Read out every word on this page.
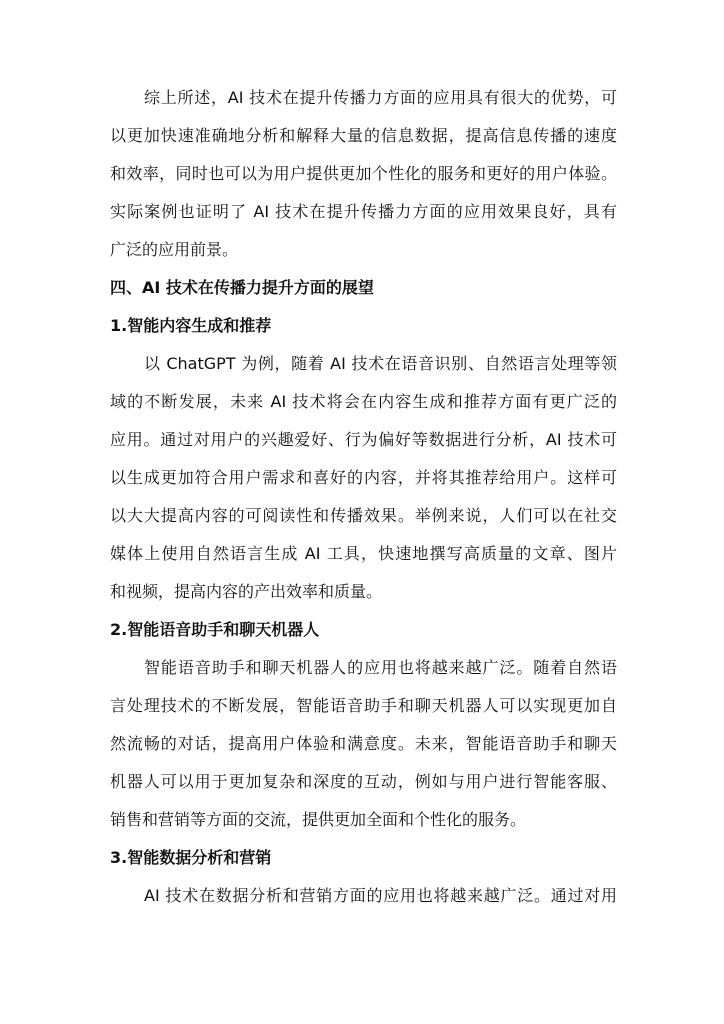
综上所述，AI 技术在提升传播力方面的应用具有很大的优势，可
以更加快速准确地分析和解释大量的信息数据，提高信息传播的速度
和效率，同时也可以为用户提供更加个性化的服务和更好的用户体验。
实际案例也证明了 AI 技术在提升传播力方面的应用效果良好，具有
广泛的应用前景。
四、AI 技术在传播力提升方面的展望
1.智能内容生成和推荐
以 ChatGPT 为例，随着 AI 技术在语音识别、自然语言处理等领
域的不断发展，未来 AI 技术将会在内容生成和推荐方面有更广泛的
应用。通过对用户的兴趣爱好、行为偏好等数据进行分析，AI 技术可
以生成更加符合用户需求和喜好的内容，并将其推荐给用户。这样可
以大大提高内容的可阅读性和传播效果。举例来说，人们可以在社交
媒体上使用自然语言生成 AI 工具，快速地撰写高质量的文章、图片
和视频，提高内容的产出效率和质量。
2.智能语音助手和聊天机器人
智能语音助手和聊天机器人的应用也将越来越广泛。随着自然语
言处理技术的不断发展，智能语音助手和聊天机器人可以实现更加自
然流畅的对话，提高用户体验和满意度。未来，智能语音助手和聊天
机器人可以用于更加复杂和深度的互动，例如与用户进行智能客服、
销售和营销等方面的交流，提供更加全面和个性化的服务。
3.智能数据分析和营销
AI 技术在数据分析和营销方面的应用也将越来越广泛。通过对用
